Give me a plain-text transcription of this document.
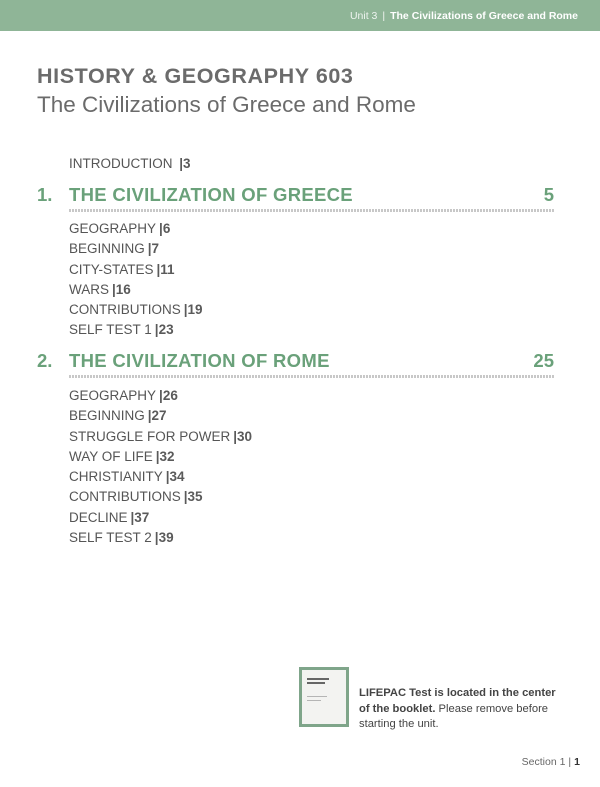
Unit 3 | The Civilizations of Greece and Rome
HISTORY & GEOGRAPHY 603
The Civilizations of Greece and Rome
INTRODUCTION |3
1. THE CIVILIZATION OF GREECE	5
GEOGRAPHY |6
BEGINNING |7
CITY-STATES |11
WARS |16
CONTRIBUTIONS |19
SELF TEST 1 |23
2. THE CIVILIZATION OF ROME	25
GEOGRAPHY |26
BEGINNING |27
STRUGGLE FOR POWER |30
WAY OF LIFE |32
CHRISTIANITY |34
CONTRIBUTIONS |35
DECLINE |37
SELF TEST 2 |39
LIFEPAC Test is located in the center of the booklet. Please remove before starting the unit.
Section 1 | 1
